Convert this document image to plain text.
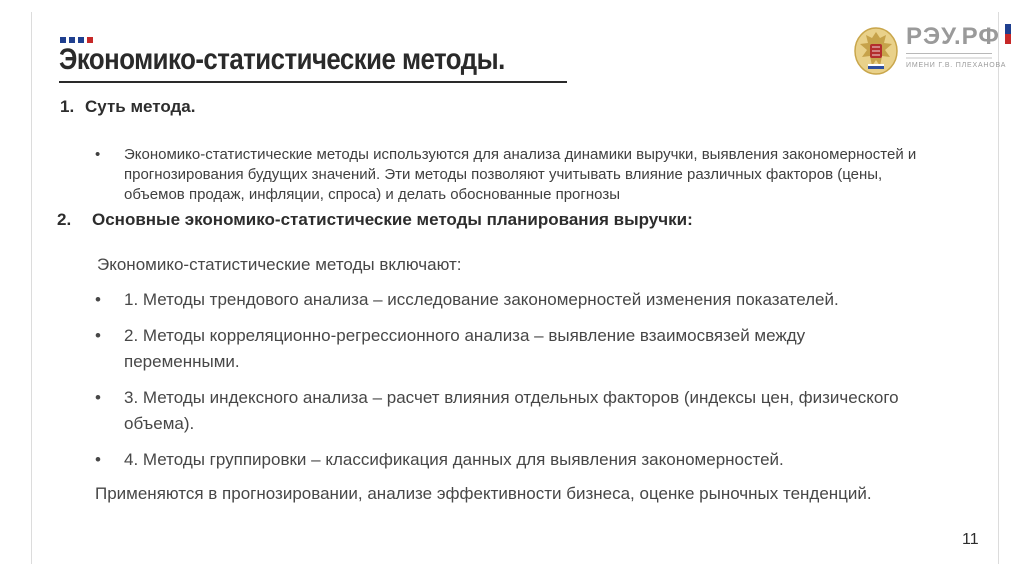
Экономико-статистические методы.
РЭУ.РФ
ИМЕНИ Г.В. ПЛЕХАНОВА
1. Суть метода.
• Экономико-статистические методы используются для анализа динамики выручки, выявления закономерностей и прогнозирования будущих значений. Эти методы позволяют учитывать влияние различных факторов (цены, объемов продаж, инфляции, спроса) и делать обоснованные прогнозы
2. Основные экономико-статистические методы планирования выручки:
Экономико-статистические методы включают:
• 1. Методы трендового анализа – исследование закономерностей изменения показателей.
• 2. Методы корреляционно-регрессионного анализа – выявление взаимосвязей между переменными.
• 3. Методы индексного анализа – расчет влияния отдельных факторов (индексы цен, физического объема).
• 4. Методы группировки – классификация данных для выявления закономерностей.
Применяются в прогнозировании, анализе эффективности бизнеса, оценке рыночных тенденций.
11
